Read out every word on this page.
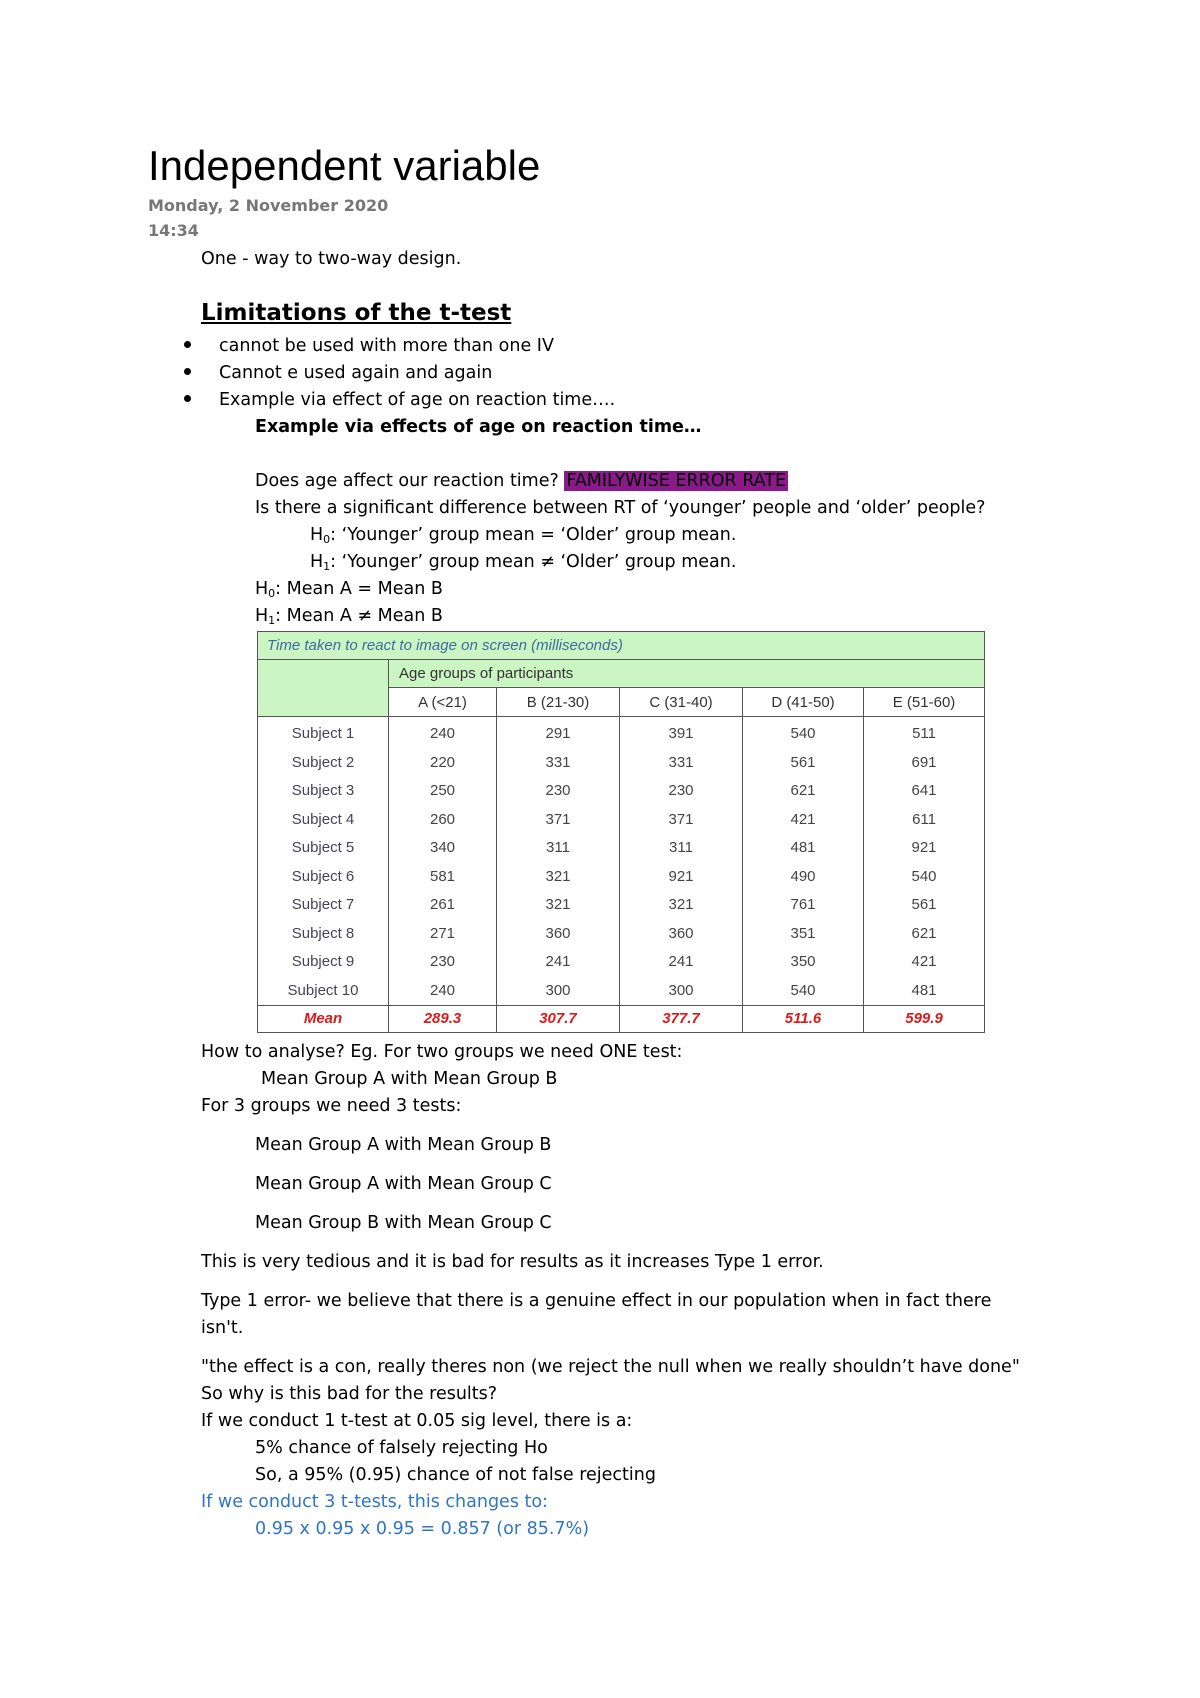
Independent variable
Monday, 2 November 2020
14:34
One - way to two-way design.
Limitations of the t-test
cannot be used with more than one IV
Cannot e used again and again
Example via effect of age on reaction time….
Example via effects of age on reaction time…
Does age affect our reaction time? FAMILYWISE ERROR RATE
Is there a significant difference between RT of ‘younger’ people and ‘older’ people?
$H_0$: ‘Younger’ group mean = ‘Older’ group mean.
$H_1$: ‘Younger’ group mean ≠ ‘Older’ group mean.
$H_0$: Mean A = Mean B
$H_1$: Mean A ≠ Mean B
Time taken to react to image on screen (milliseconds)					
	Age groups of participants				
	A (<21)	B (21-30)	C (31-40)	D (41-50)	E (51-60)
Subject 1	240	291	391	540	511
Subject 2	220	331	331	561	691
Subject 3	250	230	230	621	641
Subject 4	260	371	371	421	611
Subject 5	340	311	311	481	921
Subject 6	581	321	921	490	540
Subject 7	261	321	321	761	561
Subject 8	271	360	360	351	621
Subject 9	230	241	241	350	421
Subject 10	240	300	300	540	481
Mean	289.3	307.7	377.7	511.6	599.9
How to analyse? Eg. For two groups we need ONE test:
Mean Group A with Mean Group B
For 3 groups we need 3 tests:
Mean Group A with Mean Group B
Mean Group A with Mean Group C
Mean Group B with Mean Group C
This is very tedious and it is bad for results as it increases Type 1 error.
Type 1 error- we believe that there is a genuine effect in our population when in fact there
isn't.
"the effect is a con, really theres non (we reject the null when we really shouldn’t have done"
So why is this bad for the results?
If we conduct 1 t-test at 0.05 sig level, there is a:
5% chance of falsely rejecting Ho
So, a 95% (0.95) chance of not false rejecting
If we conduct 3 t-tests, this changes to:
0.95 x 0.95 x 0.95 = 0.857 (or 85.7%)
